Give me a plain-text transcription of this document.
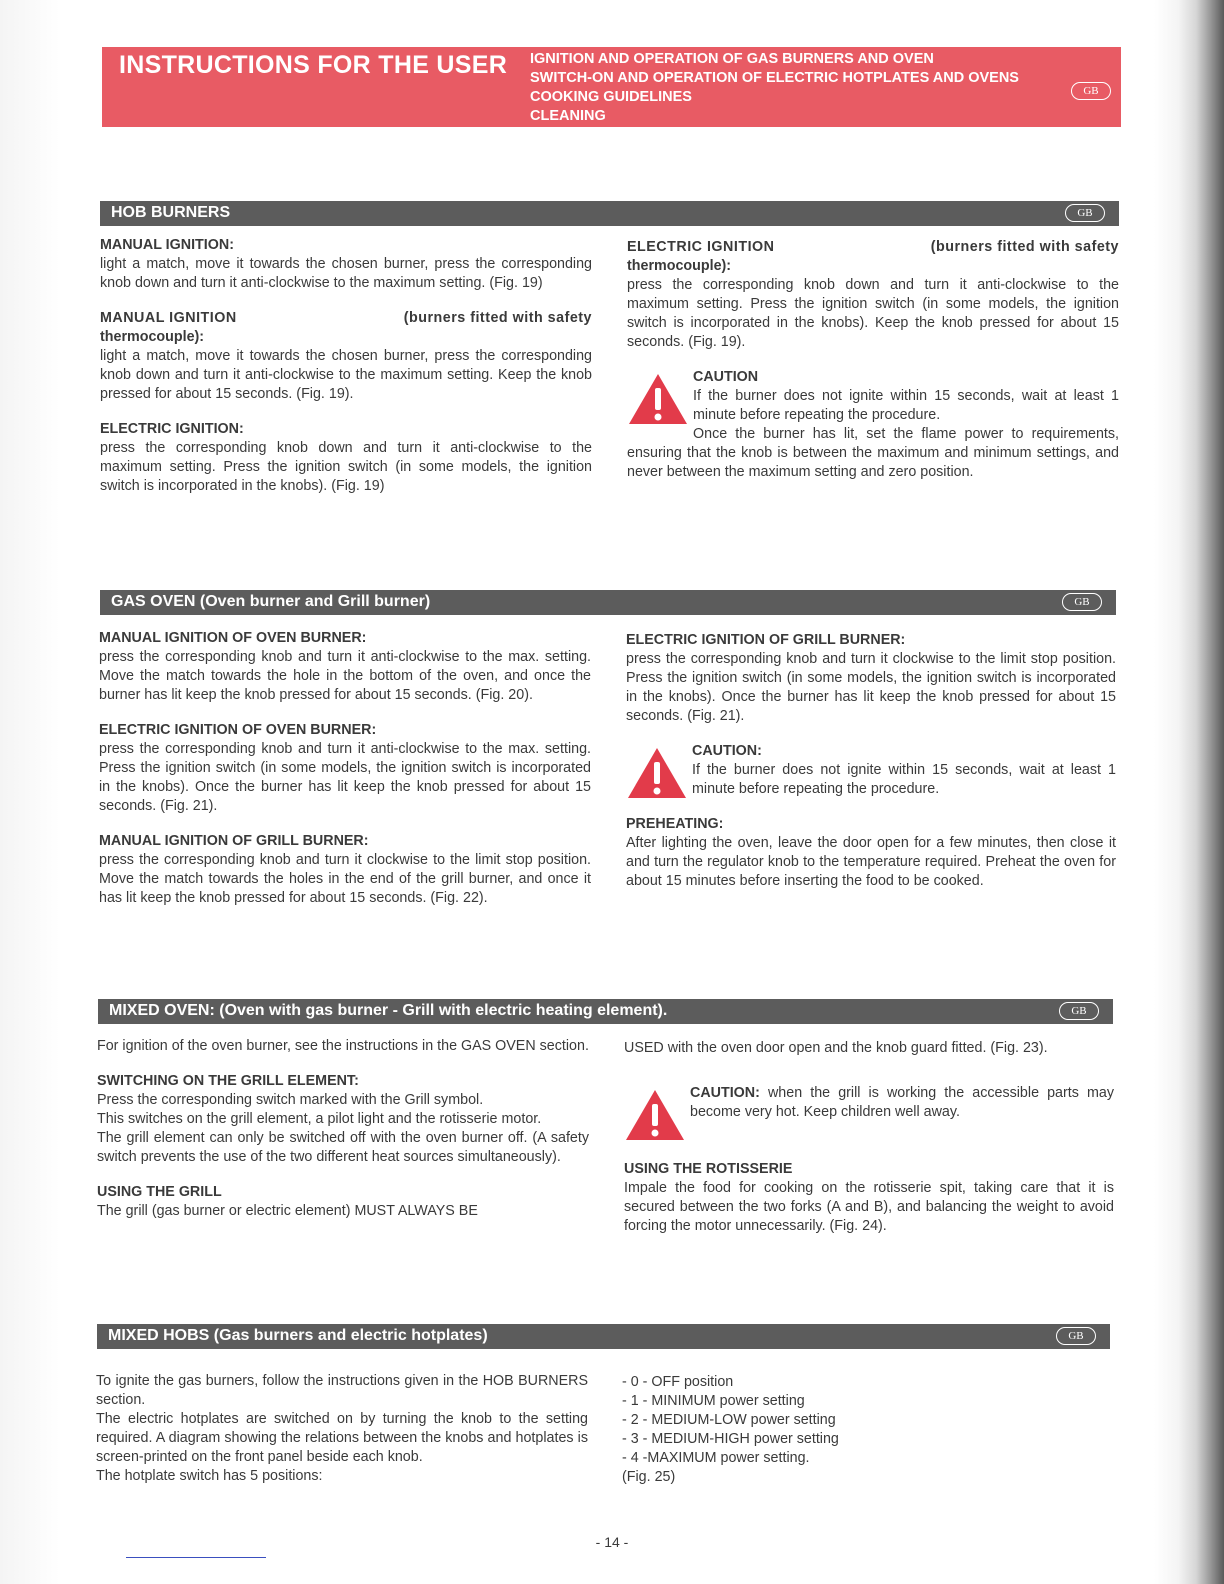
INSTRUCTIONS FOR THE USER IGNITION AND OPERATION OF GAS BURNERS AND OVEN
SWITCH-ON AND OPERATION OF ELECTRIC HOTPLATES AND OVENS
COOKING GUIDELINES
CLEANING
GB
HOB BURNERS	GB

MANUAL IGNITION:

light a match, move it towards the chosen burner, press the corresponding knob down and turn it anti-clockwise to the maximum setting. (Fig. 19)

MANUAL IGNITION	(burners fitted with safety

thermocouple):

light a match, move it towards the chosen burner, press the corresponding knob down and turn it anti-clockwise to the maximum setting. Keep the knob pressed for about 15 seconds. (Fig. 19).

ELECTRIC IGNITION:

press the corresponding knob down and turn it anti-clockwise to the maximum setting. Press the ignition switch (in some models, the ignition switch is incorporated in the knobs). (Fig. 19)

ELECTRIC IGNITION	(burners fitted with safety

thermocouple):

press the corresponding knob down and turn it anti-clockwise to the maximum setting. Press the ignition switch (in some models, the ignition switch is incorporated in the knobs). Keep the knob pressed for about 15 seconds. (Fig. 19).

CAUTION

If the burner does not ignite within 15 seconds, wait at least 1 minute before repeating the procedure.

Once the burner has lit, set the flame power to requirements, ensuring that the knob is between the maximum and minimum settings, and never between the maximum setting and zero position.

GAS OVEN (Oven burner and Grill burner)	GB

MANUAL IGNITION OF OVEN BURNER:

press the corresponding knob and turn it anti-clockwise to the max. setting. Move the match towards the hole in the bottom of the oven, and once the burner has lit keep the knob pressed for about 15 seconds. (Fig. 20).

ELECTRIC IGNITION OF OVEN BURNER:

press the corresponding knob and turn it anti-clockwise to the max. setting. Press the ignition switch (in some models, the ignition switch is incorporated in the knobs). Once the burner has lit keep the knob pressed for about 15 seconds. (Fig. 21).

MANUAL IGNITION OF GRILL BURNER:

press the corresponding knob and turn it clockwise to the limit stop position. Move the match towards the holes in the end of the grill burner, and once it has lit keep the knob pressed for about 15 seconds. (Fig. 22).

ELECTRIC IGNITION OF GRILL BURNER:

press the corresponding knob and turn it clockwise to the limit stop position. Press the ignition switch (in some models, the ignition switch is incorporated in the knobs). Once the burner has lit keep the knob pressed for about 15 seconds. (Fig. 21).

CAUTION:

If the burner does not ignite within 15 seconds, wait at least 1 minute before repeating the procedure.

PREHEATING:

After lighting the oven, leave the door open for a few minutes, then close it and turn the regulator knob to the temperature required. Preheat the oven for about 15 minutes before inserting the food to be cooked.

MIXED OVEN: (Oven with gas burner - Grill with electric heating element).	GB

For ignition of the oven burner, see the instructions in the GAS OVEN section.

SWITCHING ON THE GRILL ELEMENT:

Press the corresponding switch marked with the Grill symbol.

This switches on the grill element, a pilot light and the rotisserie motor.

The grill element can only be switched off with the oven burner off. (A safety switch prevents the use of the two different heat sources simultaneously).

USING THE GRILL

The grill (gas burner or electric element) MUST ALWAYS BE

USED with the oven door open and the knob guard fitted. (Fig. 23).

CAUTION: when the grill is working the accessible parts may become very hot. Keep children well away.

USING THE ROTISSERIE

Impale the food for cooking on the rotisserie spit, taking care that it is secured between the two forks (A and B), and balancing the weight to avoid forcing the motor unnecessarily. (Fig. 24).

MIXED HOBS (Gas burners and electric hotplates)	GB

To ignite the gas burners, follow the instructions given in the HOB BURNERS section.

The electric hotplates are switched on by turning the knob to the setting required. A diagram showing the relations between the knobs and hotplates is screen-printed on the front panel beside each knob.

The hotplate switch has 5 positions:

- 0 - OFF position
- 1 - MINIMUM power setting
- 2 - MEDIUM-LOW power setting
- 3 - MEDIUM-HIGH power setting
- 4 -MAXIMUM power setting.

(Fig. 25)

- 14 -
